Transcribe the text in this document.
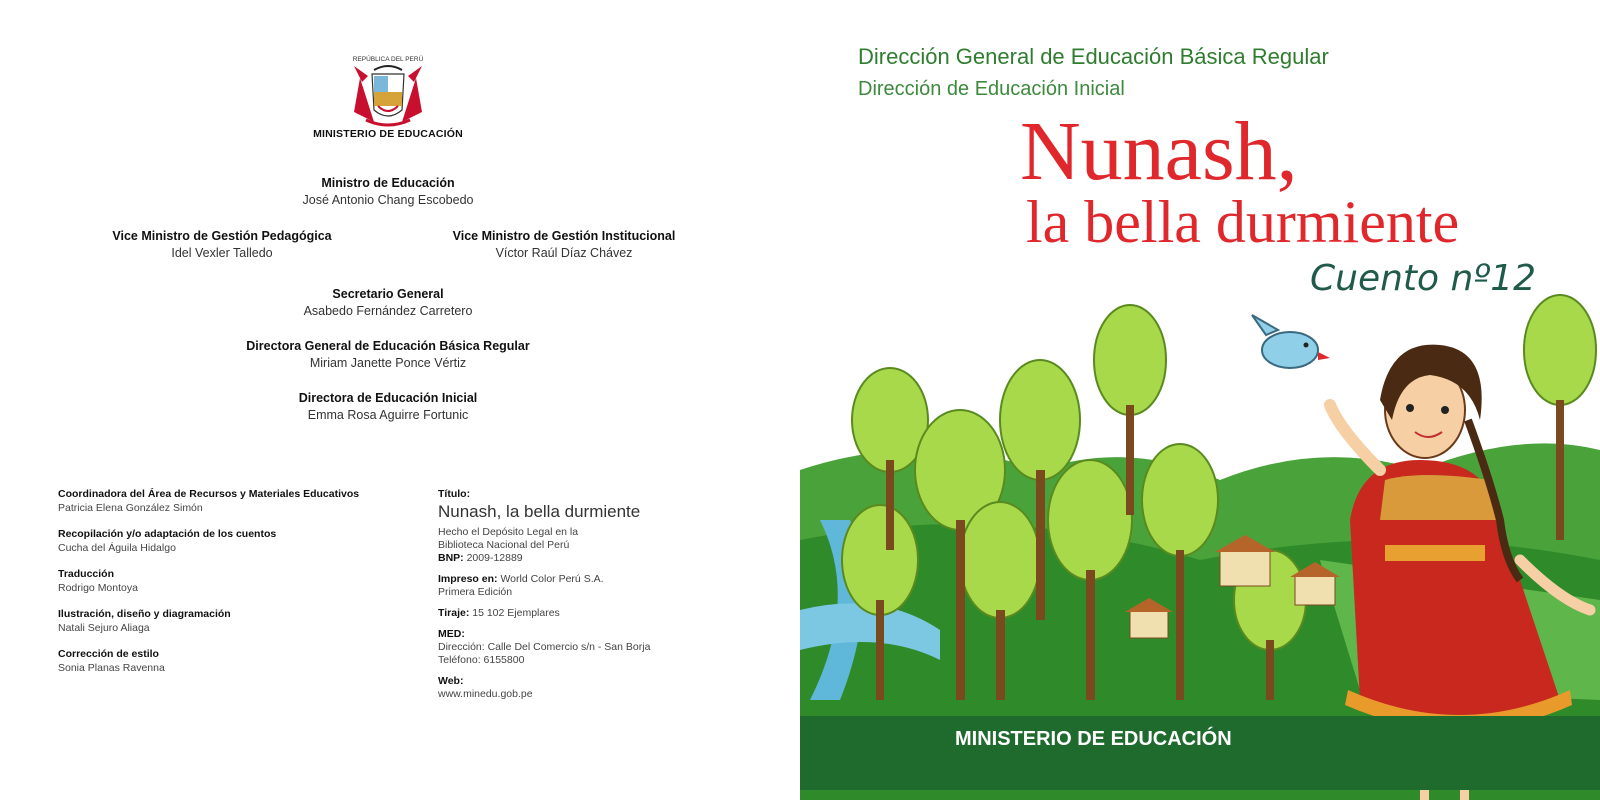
REPÚBLICA DEL PERÚ
MINISTERIO DE EDUCACIÓN
Ministro de Educación
José Antonio Chang Escobedo
Vice Ministro de Gestión Pedagógica
Idel Vexler Talledo
Vice Ministro de Gestión Institucional
Víctor Raúl Díaz Chávez
Secretario General
Asabedo Fernández Carretero
Directora General de Educación Básica Regular
Miriam Janette Ponce Vértiz
Directora de Educación Inicial
Emma Rosa Aguirre Fortunic
Coordinadora del Área de Recursos y Materiales Educativos
Patricia Elena González Simón
Recopilación y/o adaptación de los cuentos
Cucha del Águila Hidalgo
Traducción
Rodrigo Montoya
Ilustración, diseño y diagramación
Natali Sejuro Aliaga
Corrección de estilo
Sonia Planas Ravenna
Título:
Nunash, la bella durmiente
Hecho el Depósito Legal en la
Biblioteca Nacional del Perú
BNP: 2009-12889
Impreso en: World Color Perú S.A.
Primera Edición
Tiraje: 15 102 Ejemplares
MED:
Dirección: Calle Del Comercio s/n - San Borja
Teléfono: 6155800
Web:
www.minedu.gob.pe
Dirección General de Educación Básica Regular
Dirección de Educación Inicial
Nunash,
la bella durmiente
Cuento nº12
MINISTERIO DE EDUCACIÓN
